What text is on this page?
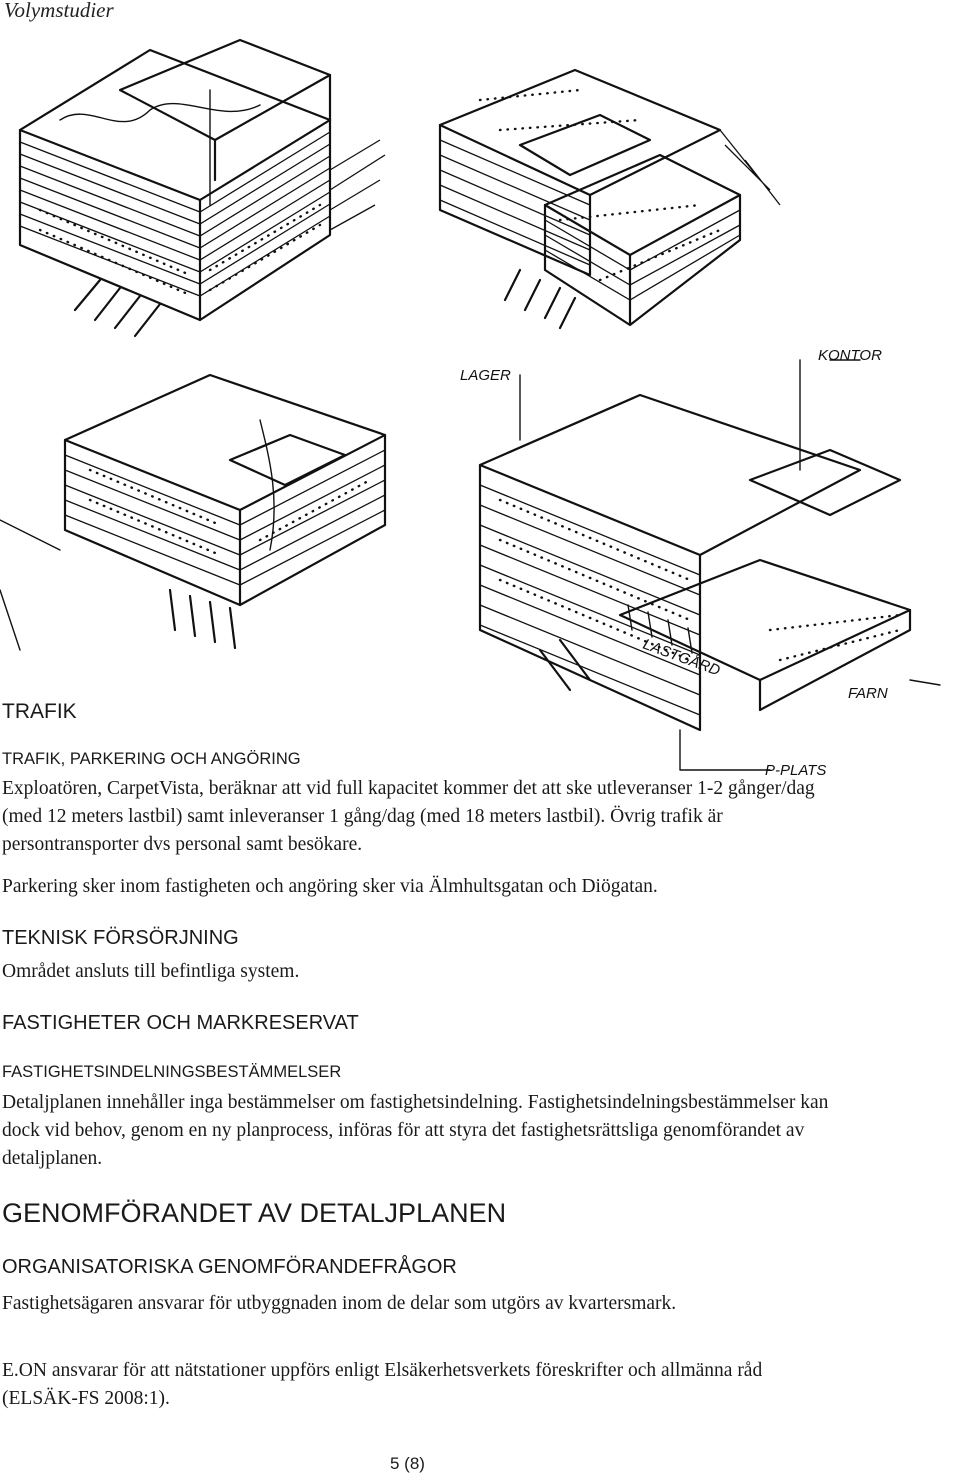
Volymstudier
LAGER
KONTOR
LASTGÅRD
P-PLATS
FARN
TRAFIK
TRAFIK, PARKERING OCH ANGÖRING
Exploatören, CarpetVista, beräknar att vid full kapacitet kommer det att ske utleveranser 1-2 gånger/dag (med 12 meters lastbil) samt inleveranser 1 gång/dag (med 18 meters lastbil). Övrig trafik är persontransporter dvs personal samt besökare.
Parkering sker inom fastigheten och angöring sker via Älmhultsgatan och Diögatan.
TEKNISK FÖRSÖRJNING
Området ansluts till befintliga system.
FASTIGHETER OCH MARKRESERVAT
FASTIGHETSINDELNINGSBESTÄMMELSER
Detaljplanen innehåller inga bestämmelser om fastighetsindelning. Fastighetsindelningsbestämmelser kan dock vid behov, genom en ny planprocess, införas för att styra det fastighetsrättsliga genomförandet av detaljplanen.
GENOMFÖRANDET AV DETALJPLANEN
ORGANISATORISKA GENOMFÖRANDEFRÅGOR
Fastighetsägaren ansvarar för utbyggnaden inom de delar som utgörs av kvartersmark.
E.ON ansvarar för att nätstationer uppförs enligt Elsäkerhetsverkets föreskrifter och allmänna råd (ELSÄK-FS 2008:1).
5 (8)
